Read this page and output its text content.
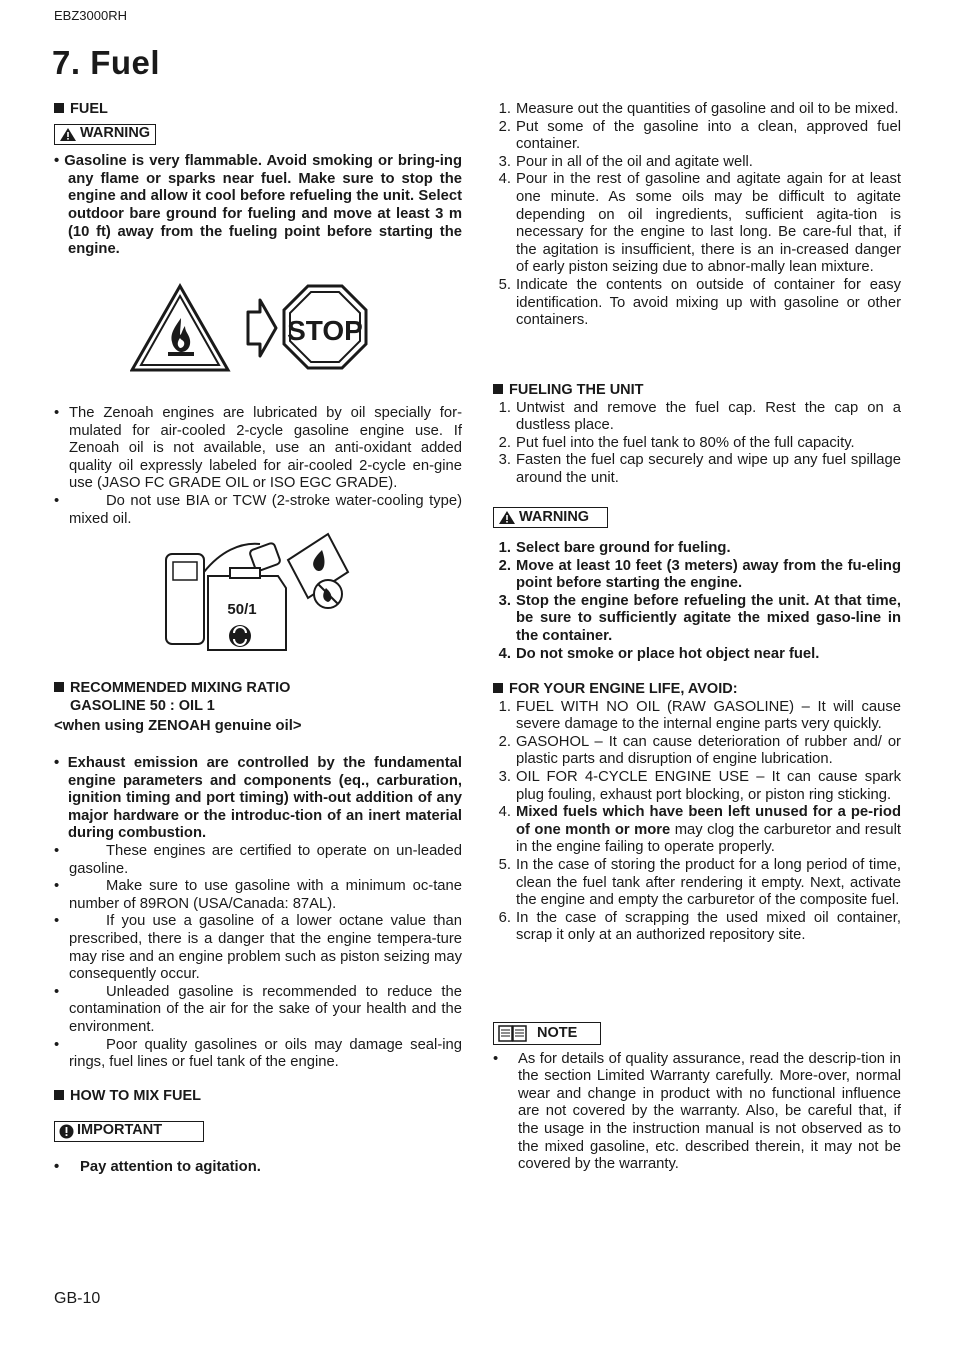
EBZ3000RH
7. Fuel
FUEL
WARNING
• Gasoline is very flammable. Avoid smoking or bring-ing any flame or sparks near fuel. Make sure to stop the engine and allow it cool before refueling the unit. Select outdoor bare ground for fueling and move at least 3 m (10 ft) away from the fueling point before starting the engine.
STOP
• The Zenoah engines are lubricated by oil specially for-mulated for air-cooled 2-cycle gasoline engine use. If Zenoah oil is not available, use an anti-oxidant added quality oil expressly labeled for air-cooled 2-cycle en-gine use (JASO FC GRADE OIL or ISO EGC GRADE).
•	Do not use BIA or TCW (2-stroke water-cooling type) mixed oil.
50/1
RECOMMENDED MIXING RATIO
GASOLINE 50 : OIL 1
<when using ZENOAH genuine oil>
• Exhaust emission are controlled by the fundamental engine parameters and components (eq., carburation, ignition timing and port timing) with-out addition of any major hardware or the introduc-tion of an inert material during combustion.
•	These engines are certified to operate on un-leaded gasoline.
•	Make sure to use gasoline with a minimum oc-tane number of 89RON (USA/Canada: 87AL).
•	If you use a gasoline of a lower octane value than prescribed, there is a danger that the engine tempera-ture may rise and an engine problem such as piston seizing may consequently occur.
•	Unleaded gasoline is recommended to reduce the contamination of the air for the sake of your health and the environment.
•	Poor quality gasolines or oils may damage seal-ing rings, fuel lines or fuel tank of the engine.
HOW TO MIX FUEL
IMPORTANT
• Pay attention to agitation.
1. Measure out the quantities of gasoline and oil to be mixed.
2. Put some of the gasoline into a clean, approved fuel container.
3. Pour in all of the oil and agitate well.
4. Pour in the rest of gasoline and agitate again for at least one minute. As some oils may be difficult to agitate depending on oil ingredients, sufficient agita-tion is necessary for the engine to last long. Be care-ful that, if the agitation is insufficient, there is an in-creased danger of early piston seizing due to abnor-mally lean mixture.
5. Indicate the contents on outside of container for easy identification. To avoid mixing up with gasoline or other containers.
FUELING THE UNIT
1. Untwist and remove the fuel cap. Rest the cap on a dustless place.
2. Put fuel into the fuel tank to 80% of the full capacity.
3. Fasten the fuel cap securely and wipe up any fuel spillage around the unit.
WARNING
1. Select bare ground for fueling.
2. Move at least 10 feet (3 meters) away from the fu-eling point before starting the engine.
3. Stop the engine before refueling the unit. At that time, be sure to sufficiently agitate the mixed gaso-line in the container.
4. Do not smoke or place hot object near fuel.
FOR YOUR ENGINE LIFE, AVOID:
1. FUEL WITH NO OIL (RAW GASOLINE) – It will cause severe damage to the internal engine parts very quickly.
2. GASOHOL – It can cause deterioration of rubber and/ or plastic parts and disruption of engine lubrication.
3. OIL FOR 4-CYCLE ENGINE USE – It can cause spark plug fouling, exhaust port blocking, or piston ring sticking.
4. Mixed fuels which have been left unused for a pe-riod of one month or more may clog the carburetor and result in the engine failing to operate properly.
5. In the case of storing the product for a long period of time, clean the fuel tank after rendering it empty. Next, activate the engine and empty the carburetor of the composite fuel.
6. In the case of scrapping the used mixed oil container, scrap it only at an authorized repository site.
NOTE
• As for details of quality assurance, read the descrip-tion in the section Limited Warranty carefully. More-over, normal wear and change in product with no functional influence are not covered by the warranty. Also, be careful that, if the usage in the instruction manual is not observed as to the mixed gasoline, etc. described therein, it may not be covered by the warranty.
GB-10
